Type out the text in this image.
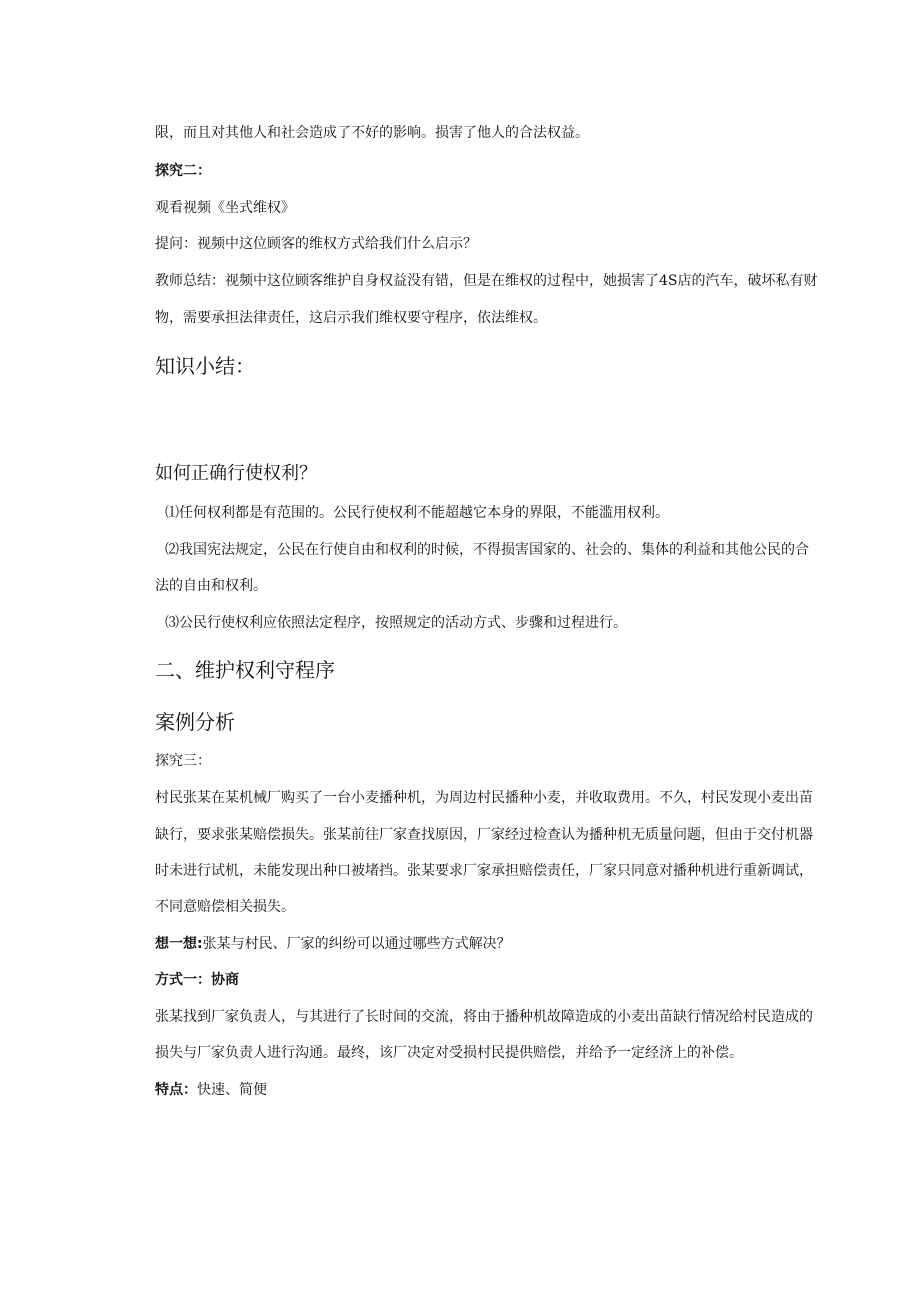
限，而且对其他人和社会造成了不好的影响。损害了他人的合法权益。
探究二：
观看视频《坐式维权》
提问：视频中这位顾客的维权方式给我们什么启示？
教师总结：视频中这位顾客维护自身权益没有错，但是在维权的过程中，她损害了4S店的汽车，破坏私有财
物，需要承担法律责任，这启示我们维权要守程序，依法维权。
知识小结：
如何正确行使权利？
⑴任何权利都是有范围的。公民行使权利不能超越它本身的界限，不能滥用权利。
⑵我国宪法规定，公民在行使自由和权利的时候，不得损害国家的、社会的、集体的利益和其他公民的合
法的自由和权利。
⑶公民行使权利应依照法定程序，按照规定的活动方式、步骤和过程进行。
二、维护权利守程序
案例分析
探究三：
村民张某在某机械厂购买了一台小麦播种机，为周边村民播种小麦，并收取费用。不久，村民发现小麦出苗
缺行，要求张某赔偿损失。张某前往厂家查找原因，厂家经过检查认为播种机无质量问题，但由于交付机器
时未进行试机，未能发现出种口被堵挡。张某要求厂家承担赔偿责任，厂家只同意对播种机进行重新调试，
不同意赔偿相关损失。
想一想:张某与村民、厂家的纠纷可以通过哪些方式解决？
方式一：协商
张某找到厂家负责人，与其进行了长时间的交流，将由于播种机故障造成的小麦出苗缺行情况给村民造成的
损失与厂家负责人进行沟通。最终，该厂决定对受损村民提供赔偿，并给予一定经济上的补偿。
特点：快速、简便
